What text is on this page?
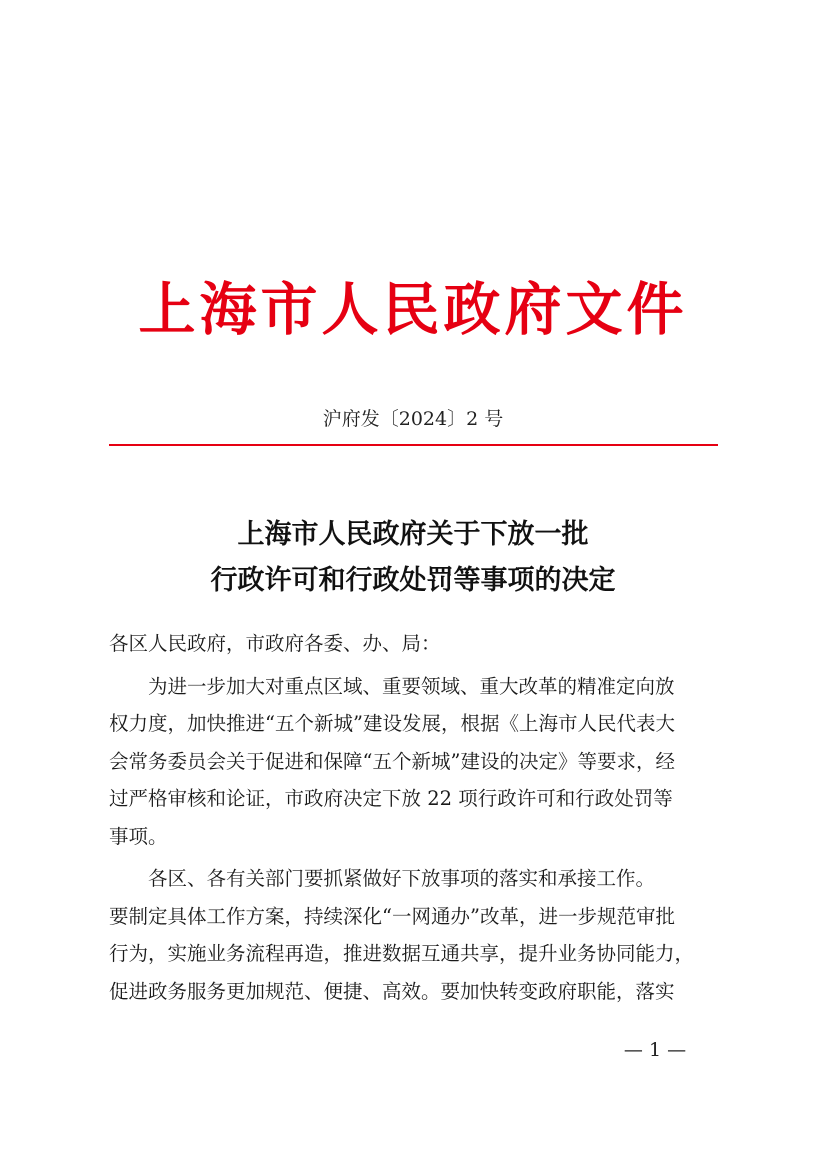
上海市人民政府文件
沪府发〔2024〕2 号
上海市人民政府关于下放一批
行政许可和行政处罚等事项的决定

各区人民政府，市政府各委、办、局：

为进一步加大对重点区域、重要领域、重大改革的精准定向放
权力度，加快推进“五个新城”建设发展，根据《上海市人民代表大
会常务委员会关于促进和保障“五个新城”建设的决定》等要求，经
过严格审核和论证，市政府决定下放 22 项行政许可和行政处罚等
事项。

各区、各有关部门要抓紧做好下放事项的落实和承接工作。
要制定具体工作方案，持续深化“一网通办”改革，进一步规范审批
行为，实施业务流程再造，推进数据互通共享，提升业务协同能力，
促进政务服务更加规范、便捷、高效。要加快转变政府职能，落实

— 1 —
